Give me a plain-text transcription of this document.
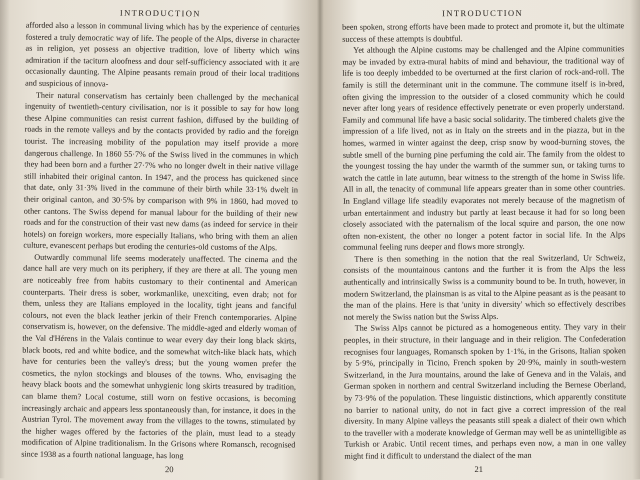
INTRODUCTION

afforded also a lesson in communal living which has by the experience of centuries fostered a truly democratic way of life. The people of the Alps, diverse in character as in religion, yet possess an objective tradition, love of liberty which wins admiration if the taciturn aloofness and dour self-sufficiency associated with it are occasionally daunting. The Alpine peasants remain proud of their local traditions and suspicious of innova-

Their natural conservatism has certainly been challenged by the mechanical ingenuity of twentieth-century civilisation, nor is it possible to say for how long these Alpine communities can resist current fashion, diffused by the building of roads in the remote valleys and by the contacts provided by radio and the foreign tourist. The increasing mobility of the population may itself provide a more dangerous challenge. In 1860 55·7% of the Swiss lived in the communes in which they had been born and a further 27·7% who no longer dwelt in their native village still inhabited their original canton. In 1947, and the process has quickened since that date, only 31·3% lived in the commune of their birth while 33·1% dwelt in their original canton, and 30·5% by comparison with 9% in 1860, had moved to other cantons. The Swiss depend for manual labour for the building of their new roads and for the construction of their vast new dams (as indeed for service in their hotels) on foreign workers, more especially Italians, who bring with them an alien culture, evanescent perhaps but eroding the centuries-old customs of the Alps.

Outwardly communal life seems moderately unaffected. The cinema and the dance hall are very much on its periphery, if they are there at all. The young men are noticeably free from habits customary to their continental and American counterparts. Their dress is sober, workmanlike, unexciting, even drab; not for them, unless they are Italians employed in the locality, tight jeans and fanciful colours, not even the black leather jerkin of their French contemporaries. Alpine conservatism is, however, on the defensive. The middle-aged and elderly woman of the Val d'Hérens in the Valais continue to wear every day their long black skirts, black boots, red and white bodice, and the somewhat witch-like black hats, which have for centuries been the valley's dress; but the young women prefer the cosmetics, the nylon stockings and blouses of the towns. Who, envisaging the heavy black boots and the somewhat unhygienic long skirts treasured by tradition, can blame them? Local costume, still worn on festive occasions, is becoming increasingly archaic and appears less spontaneously than, for instance, it does in the Austrian Tyrol. The movement away from the villages to the towns, stimulated by the higher wages offered by the factories of the plain, must lead to a steady modification of Alpine traditionalism. In the Grisons where Romansch, recognised since 1938 as a fourth national language, has long

20
INTRODUCTION

been spoken, strong efforts have been made to protect and promote it, but the ultimate success of these attempts is doubtful.

Yet although the Alpine customs may be challenged and the Alpine communities may be invaded by extra-mural habits of mind and behaviour, the traditional way of life is too deeply imbedded to be overturned at the first clarion of rock-and-roll. The family is still the determinant unit in the commune. The commune itself is in-bred, often giving the impression to the outsider of a closed community which he could never after long years of residence effectively penetrate or even properly understand. Family and communal life have a basic social solidarity. The timbered chalets give the impression of a life lived, not as in Italy on the streets and in the piazza, but in the homes, warmed in winter against the deep, crisp snow by wood-burning stoves, the subtle smell of the burning pine perfuming the cold air. The family from the oldest to the youngest tossing the hay under the warmth of the summer sun, or taking turns to watch the cattle in late autumn, bear witness to the strength of the home in Swiss life. All in all, the tenacity of communal life appears greater than in some other countries. In England village life steadily evaporates not merely because of the magnetism of urban entertainment and industry but partly at least because it had for so long been closely associated with the paternalism of the local squire and parson, the one now often non-existent, the other no longer a potent factor in social life. In the Alps communal feeling runs deeper and flows more strongly.

There is then something in the notion that the real Switzerland, Ur Schweiz, consists of the mountainous cantons and the further it is from the Alps the less authentically and intrinsically Swiss is a community bound to be. In truth, however, in modern Switzerland, the plainsman is as vital to the Alpine peasant as is the peasant to the man of the plains. Here is that 'unity in diversity' which so effectively describes not merely the Swiss nation but the Swiss Alps.

The Swiss Alps cannot be pictured as a homogeneous entity. They vary in their peoples, in their structure, in their language and in their religion. The Confederation recognises four languages, Romansch spoken by 1·1%, in the Grisons, Italian spoken by 5·9%, principally in Ticino, French spoken by 20·9%, mainly in south-western Switzerland, in the Jura mountains, around the lake of Geneva and in the Valais, and German spoken in northern and central Switzerland including the Bernese Oberland, by 73·9% of the population. These linguistic distinctions, which apparently constitute no barrier to national unity, do not in fact give a correct impression of the real diversity. In many Alpine valleys the peasants still speak a dialect of their own which to the traveller with a moderate knowledge of German may well be as unintelligible as Turkish or Arabic. Until recent times, and perhaps even now, a man in one valley might find it difficult to understand the dialect of the man

21
